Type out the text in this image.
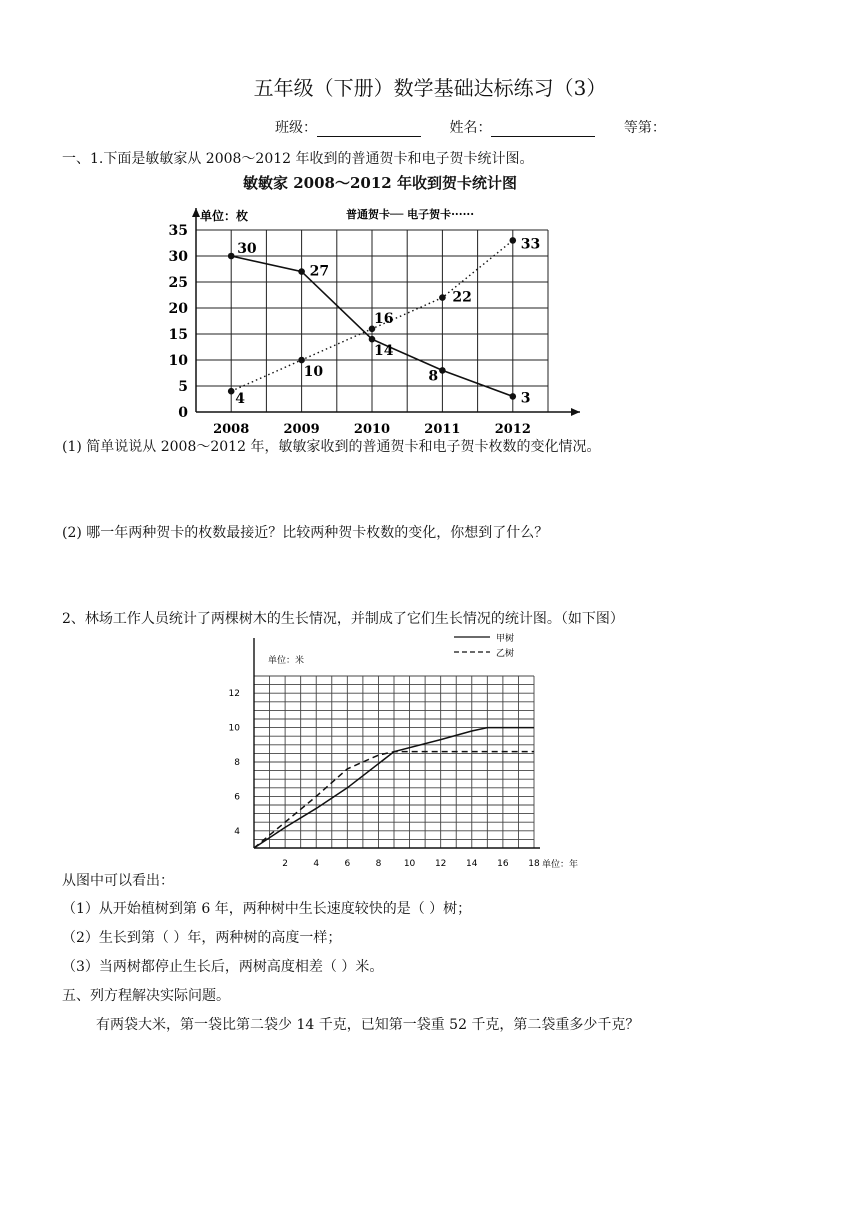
五年级（下册）数学基础达标练习（3）
班级：	姓名：	等第：
一、1.下面是敏敏家从 2008～2012 年收到的普通贺卡和电子贺卡统计图。
敏敏家 2008～2012 年收到贺卡统计图
0
5
10
15
20
25
30
35
2008	2009	2010	2011	2012
30
27
14
8
3
4
10
16
22
33
单位：枚	普通贺卡── 电子贺卡······
(1) 简单说说从 2008～2012 年，敏敏家收到的普通贺卡和电子贺卡枚数的变化情况。
(2) 哪一年两种贺卡的枚数最接近？比较两种贺卡枚数的变化，你想到了什么？
2、林场工作人员统计了两棵树木的生长情况，并制成了它们生长情况的统计图。（如下图）
2	4	6	8	10 12 14 16 18
4
6
8
10
12
甲树
乙树
单位：米
单位：年
从图中可以看出：
（1）从开始植树到第 6 年，两种树中生长速度较快的是（ ）树；
（2）生长到第（ ）年，两种树的高度一样；
（3）当两树都停止生长后，两树高度相差（ ）米。
五、列方程解决实际问题。
有两袋大米，第一袋比第二袋少 14 千克，已知第一袋重 52 千克，第二袋重多少千克？
